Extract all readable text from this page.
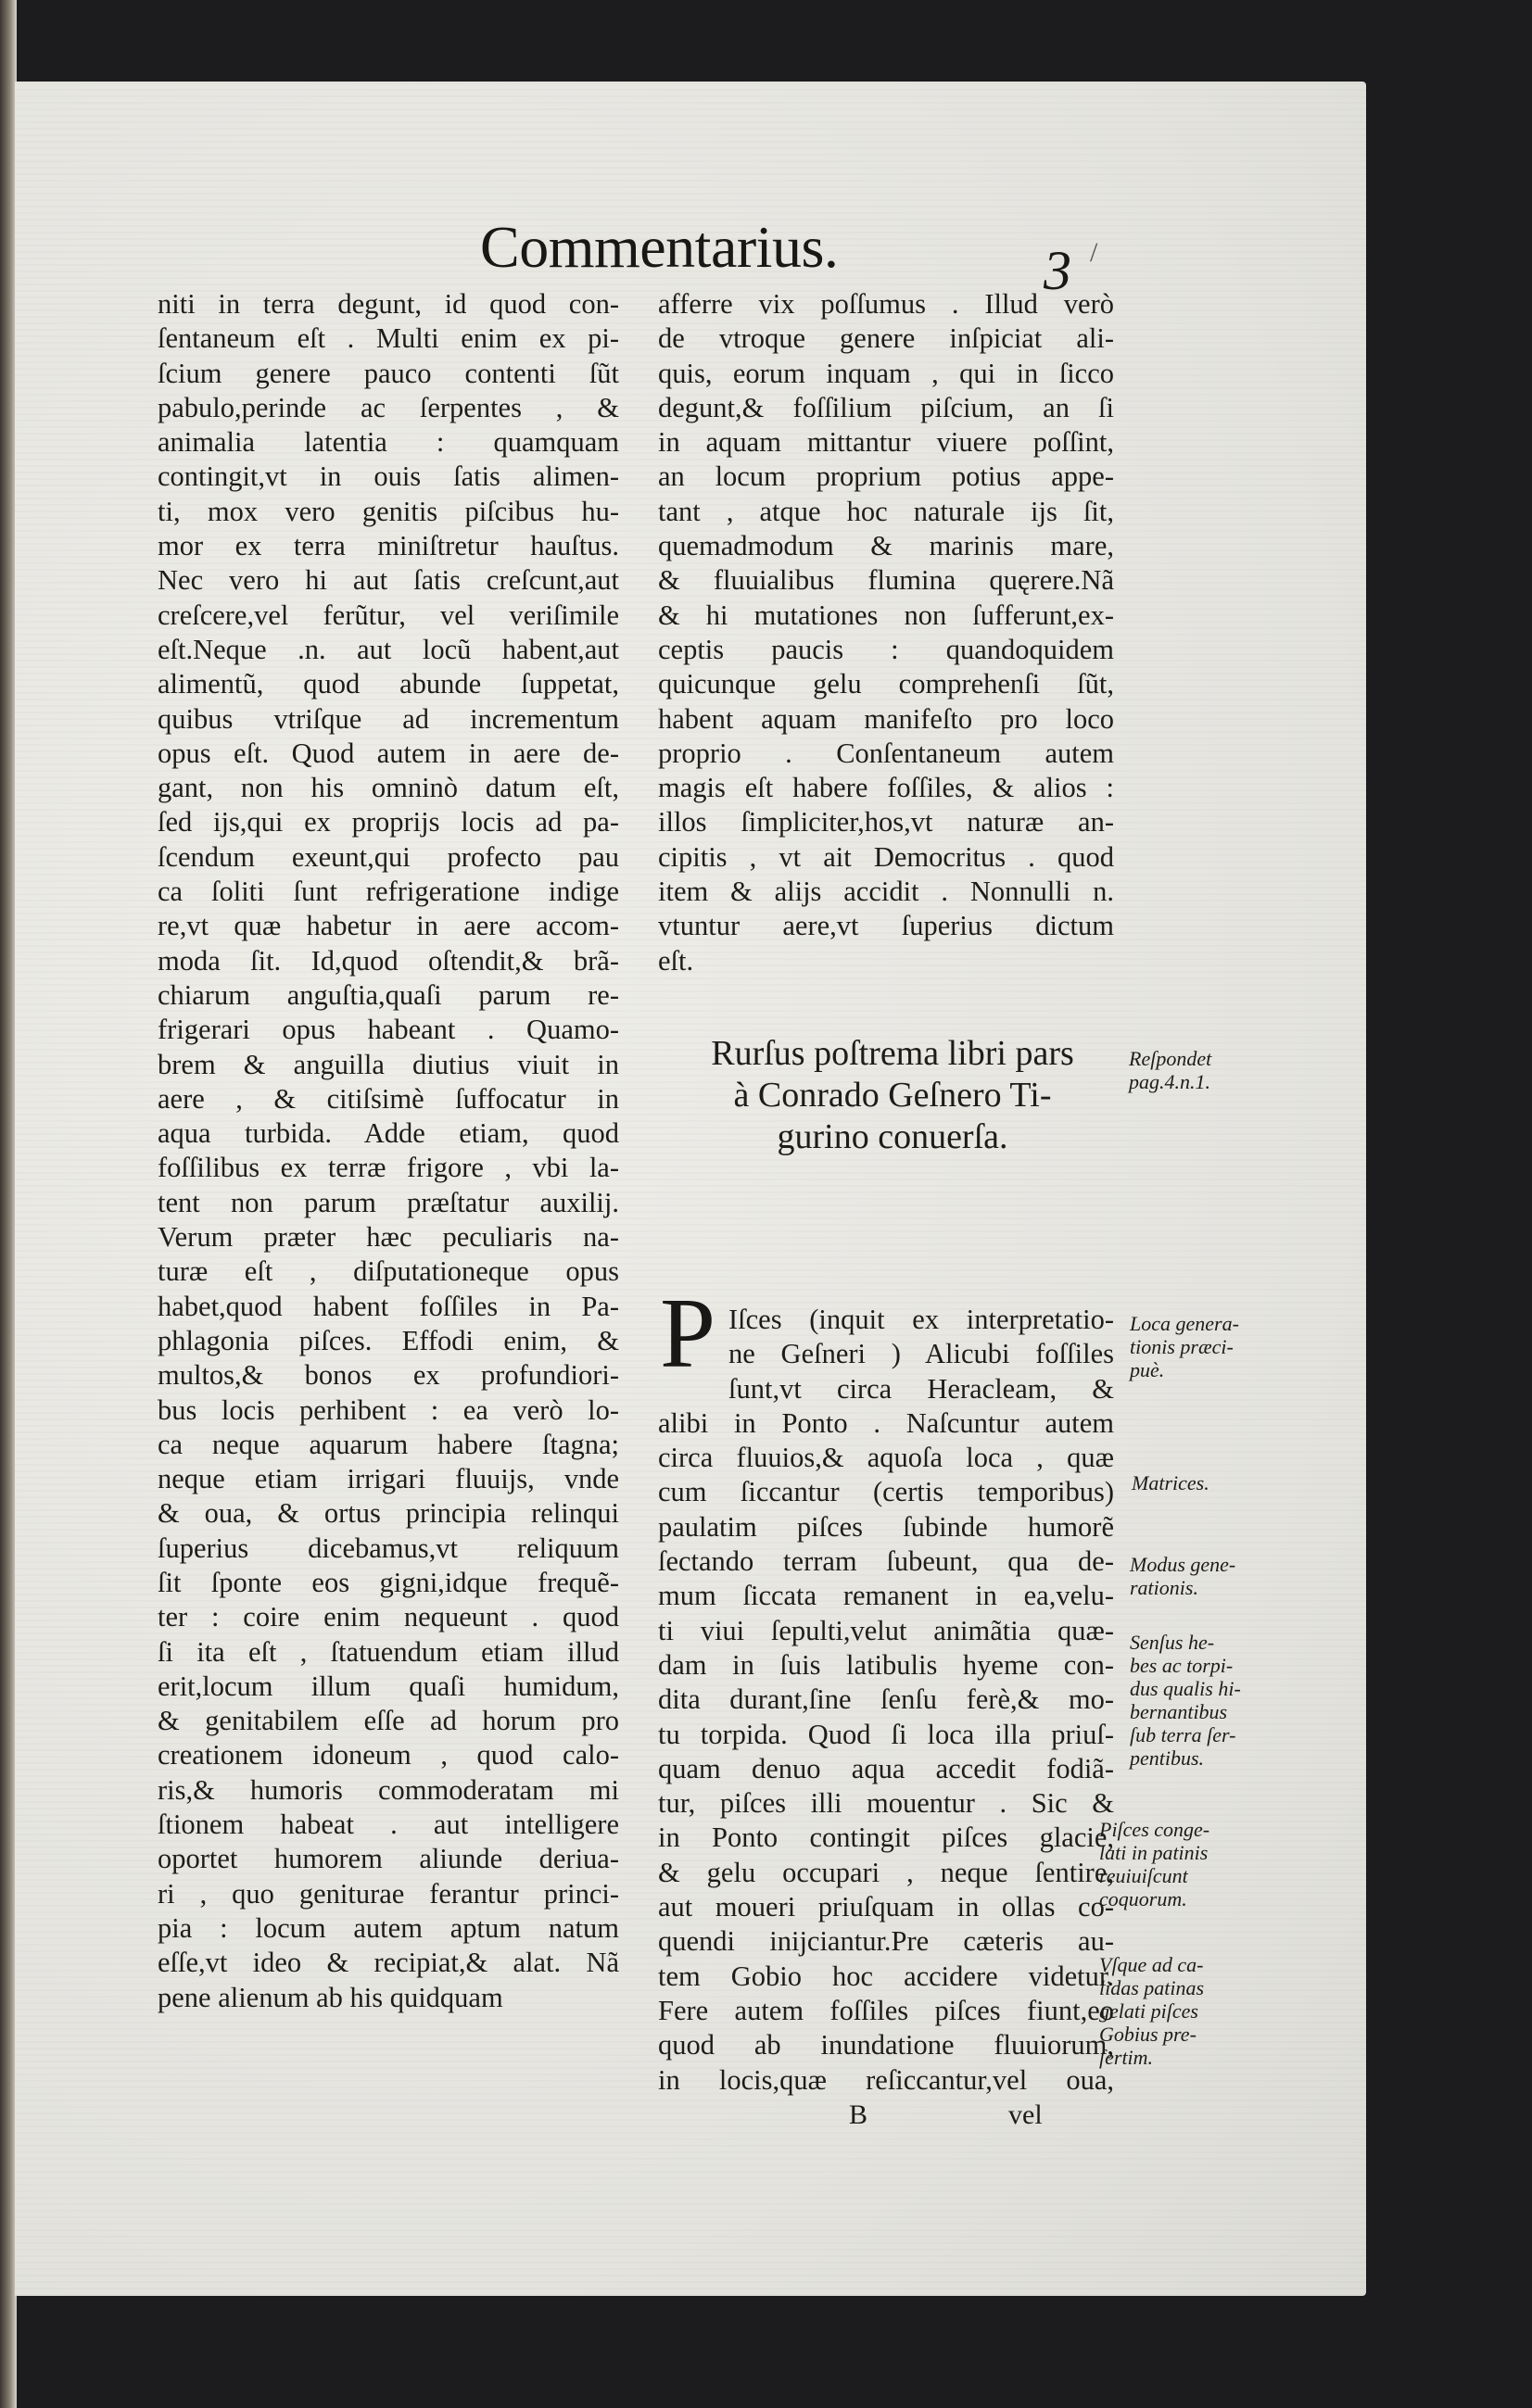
Commentarius.	3 /
niti in terra degunt, id quod con-
ſentaneum eſt . Multi enim ex pi-
ſcium genere pauco contenti ſũt
pabulo,perinde ac ſerpentes , &
animalia latentia : quamquam
contingit,vt in ouis ſatis alimen-
ti, mox vero genitis piſcibus hu-
mor ex terra miniſtretur hauſtus.
Nec vero hi aut ſatis creſcunt,aut
creſcere,vel ferũtur, vel veriſimile
eſt.Neque .n. aut locũ habent,aut
alimentũ, quod abunde ſuppetat,
quibus vtriſque ad incrementum
opus eſt. Quod autem in aere de-
gant, non his omninò datum eſt,
ſed ijs,qui ex proprijs locis ad pa-
ſcendum exeunt,qui profecto pau
ca ſoliti ſunt refrigeratione indige
re,vt quæ habetur in aere accom-
moda ſit. Id,quod oſtendit,& brã-
chiarum anguſtia,quaſi parum re-
frigerari opus habeant . Quamo-
brem & anguilla diutius viuit in
aere , & citiſsimè ſuffocatur in
aqua turbida. Adde etiam, quod
foſſilibus ex terræ frigore , vbi la-
tent non parum præſtatur auxilij.
Verum præter hæc peculiaris na-
turæ eſt , diſputationeque opus
habet,quod habent foſſiles in Pa-
phlagonia piſces. Effodi enim, &
multos,& bonos ex profundiori-
bus locis perhibent : ea verò lo-
ca neque aquarum habere ſtagna;
neque etiam irrigari fluuijs, vnde
& oua, & ortus principia relinqui
ſuperius dicebamus,vt reliquum
ſit ſponte eos gigni,idque frequẽ-
ter : coire enim nequeunt . quod
ſi ita eſt , ſtatuendum etiam illud
erit,locum illum quaſi humidum,
& genitabilem eſſe ad horum pro
creationem idoneum , quod calo-
ris,& humoris commoderatam mi
ſtionem habeat . aut intelligere
oportet humorem aliunde deriua-
ri , quo geniturae ferantur princi-
pia : locum autem aptum natum
eſſe,vt ideo & recipiat,& alat. Nã
pene alienum ab his quidquam
afferre vix poſſumus . Illud verò
de vtroque genere inſpiciat ali-
quis, eorum inquam , qui in ſicco
degunt,& foſſilium piſcium, an ſi
in aquam mittantur viuere poſſint,
an locum proprium potius appe-
tant , atque hoc naturale ijs ſit,
quemadmodum & marinis mare,
& fluuialibus flumina quęrere.Nã
& hi mutationes non ſufferunt,ex-
ceptis paucis : quandoquidem
quicunque gelu comprehenſi ſũt,
habent aquam manifeſto pro loco
proprio . Conſentaneum autem
magis eſt habere foſſiles, & alios :
illos ſimpliciter,hos,vt naturæ an-
cipitis , vt ait Democritus . quod
item & alijs accidit . Nonnulli n.
vtuntur aere,vt ſuperius dictum
eſt.
Rurſus poſtrema libri pars
à Conrado Geſnero Ti-
gurino conuerſa.
P Iſces (inquit ex interpretatio-
ne Geſneri ) Alicubi foſſiles
ſunt,vt circa Heracleam, &
alibi in Ponto . Naſcuntur autem
circa fluuios,& aquoſa loca , quæ
cum ſiccantur (certis temporibus)
paulatim piſces ſubinde humorẽ
ſectando terram ſubeunt, qua de-
mum ſiccata remanent in ea,velu-
ti viui ſepulti,velut animãtia quæ-
dam in ſuis latibulis hyeme con-
dita durant,ſine ſenſu ferè,& mo-
tu torpida. Quod ſi loca illa priuſ-
quam denuo aqua accedit fodiã-
tur, piſces illi mouentur . Sic &
in Ponto contingit piſces glacie,
& gelu occupari , neque ſentire,
aut moueri priuſquam in ollas co-
quendi inijciantur.Pre cæteris au-
tem Gobio hoc accidere videtur.
Fere autem foſſiles piſces fiunt,eo
quod ab inundatione fluuiorum,
in locis,quæ reſiccantur,vel oua,
Reſpondet
pag.4.n.1.
Loca genera-
tionis præci-
puè.
Matrices.
Modus gene-
rationis.
Senſus he-
bes ac torpi-
dus qualis hi-
bernantibus
ſub terra ſer-
pentibus.
Piſces conge-
lati in patinis
reuiuiſcunt
coquorum.
Vſque ad ca-
lidas patinas
gelati piſces
Gobius pre-
ſertim.
B	vel
